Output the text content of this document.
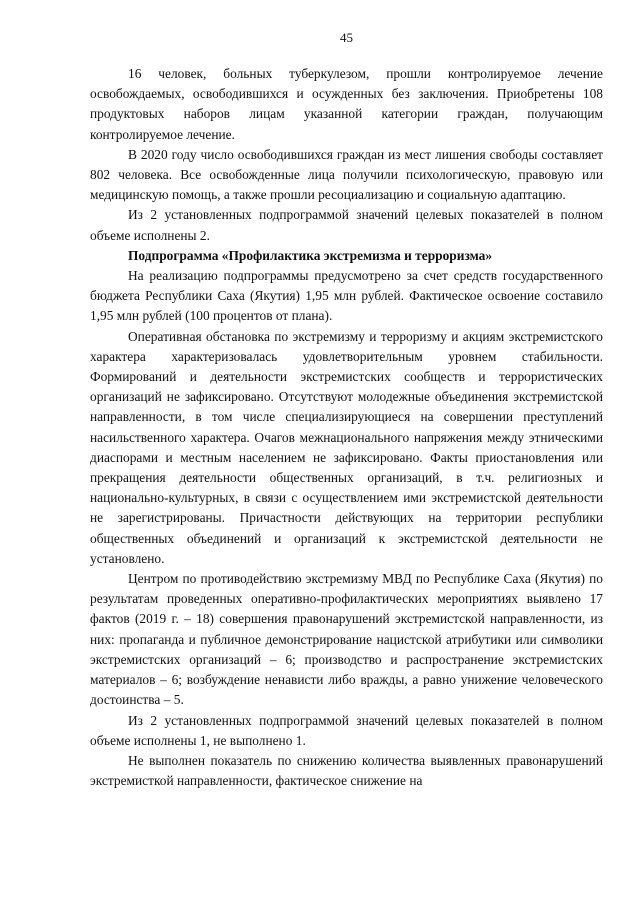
45

16 человек, больных туберкулезом, прошли контролируемое лечение освобождаемых, освободившихся и осужденных без заключения. Приобретены 108 продуктовых наборов лицам указанной категории граждан, получающим контролируемое лечение.

В 2020 году число освободившихся граждан из мест лишения свободы составляет 802 человека. Все освобожденные лица получили психологическую, правовую или медицинскую помощь, а также прошли ресоциализацию и социальную адаптацию.

Из 2 установленных подпрограммой значений целевых показателей в полном объеме исполнены 2.

Подпрограмма «Профилактика экстремизма и терроризма»

На реализацию подпрограммы предусмотрено за счет средств государственного бюджета Республики Саха (Якутия) 1,95 млн рублей. Фактическое освоение составило 1,95 млн рублей (100 процентов от плана).

Оперативная обстановка по экстремизму и терроризму и акциям экстремистского характера характеризовалась удовлетворительным уровнем стабильности. Формирований и деятельности экстремистских сообществ и террористических организаций не зафиксировано. Отсутствуют молодежные объединения экстремистской направленности, в том числе специализирующиеся на совершении преступлений насильственного характера. Очагов межнационального напряжения между этническими диаспорами и местным населением не зафиксировано. Факты приостановления или прекращения деятельности общественных организаций, в т.ч. религиозных и национально-культурных, в связи с осуществлением ими экстремистской деятельности не зарегистрированы. Причастности действующих на территории республики общественных объединений и организаций к экстремистской деятельности не установлено.

Центром по противодействию экстремизму МВД по Республике Саха (Якутия) по результатам проведенных оперативно-профилактических мероприятиях выявлено 17 фактов (2019 г. – 18) совершения правонарушений экстремистской направленности, из них: пропаганда и публичное демонстрирование нацистской атрибутики или символики экстремистских организаций – 6; производство и распространение экстремистских материалов – 6; возбуждение ненависти либо вражды, а равно унижение человеческого достоинства – 5.

Из 2 установленных подпрограммой значений целевых показателей в полном объеме исполнены 1, не выполнено 1.

Не выполнен показатель по снижению количества выявленных правонарушений экстремисткой направленности, фактическое снижение на
